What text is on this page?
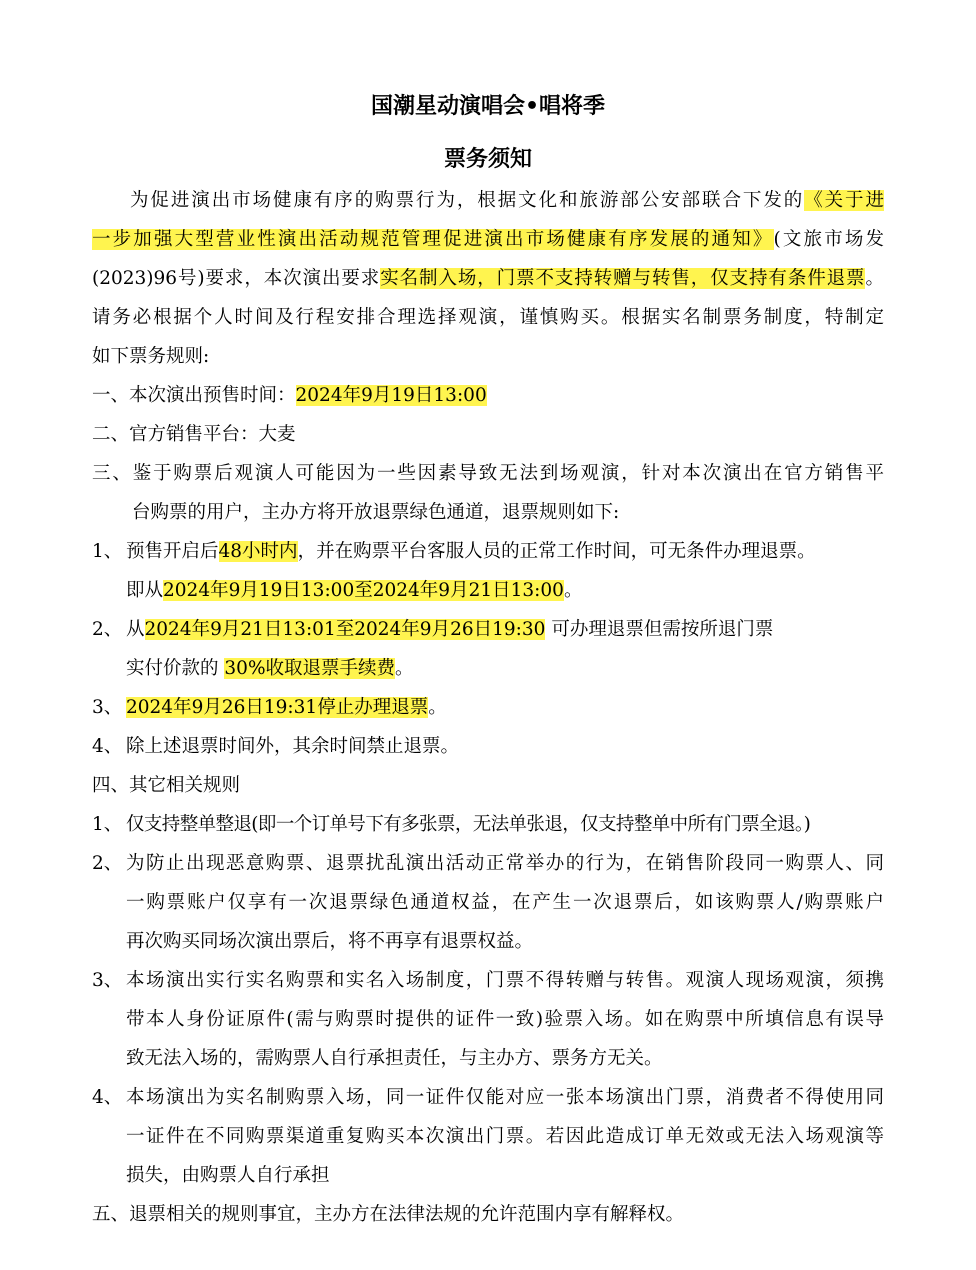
国潮星动演唱会•唱将季
票务须知
为促进演出市场健康有序的购票行为，根据文化和旅游部公安部联合下发的《关于进
一步加强大型营业性演出活动规范管理促进演出市场健康有序发展的通知》(文旅市场发
(2023)96号)要求，本次演出要求实名制入场，门票不支持转赠与转售，仅支持有条件退票。
请务必根据个人时间及行程安排合理选择观演，谨慎购买。根据实名制票务制度，特制定
如下票务规则:
一、本次演出预售时间：2024年9月19日13:00
二、官方销售平台：大麦
三、鉴于购票后观演人可能因为一些因素导致无法到场观演，针对本次演出在官方销售平
台购票的用户，主办方将开放退票绿色通道，退票规则如下:
1、 预售开启后48小时内，并在购票平台客服人员的正常工作时间，可无条件办理退票。
即从2024年9月19日13:00至2024年9月21日13:00。
2、 从2024年9月21日13:01至2024年9月26日19:30 可办理退票但需按所退门票
实付价款的 30%收取退票手续费。
3、 2024年9月26日19:31停止办理退票。
4、 除上述退票时间外，其余时间禁止退票。
四、其它相关规则
1、 仅支持整单整退(即一个订单号下有多张票，无法单张退，仅支持整单中所有门票全退。)
为防止出现恶意购票、退票扰乱演出活动正常举办的行为，在销售阶段同一购票人、同
2、
一购票账户仅享有一次退票绿色通道权益，在产生一次退票后，如该购票人/购票账户
再次购买同场次演出票后，将不再享有退票权益。
3、 本场演出实行实名购票和实名入场制度，门票不得转赠与转售。观演人现场观演，须携
带本人身份证原件(需与购票时提供的证件一致)验票入场。如在购票中所填信息有误导
致无法入场的，需购票人自行承担责任，与主办方、票务方无关。
4、 本场演出为实名制购票入场，同一证件仅能对应一张本场演出门票，消费者不得使用同
一证件在不同购票渠道重复购买本次演出门票。若因此造成订单无效或无法入场观演等
损失，由购票人自行承担
五、退票相关的规则事宜，主办方在法律法规的允许范围内享有解释权。
